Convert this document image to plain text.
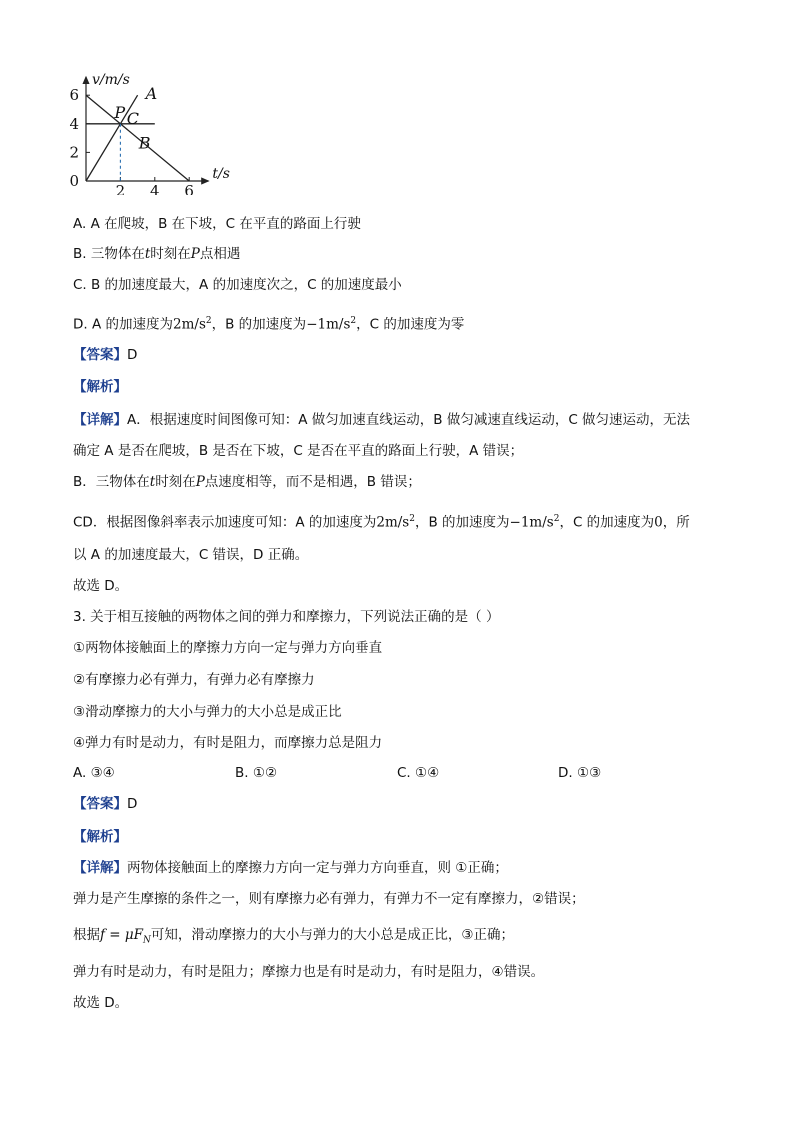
2 4 6
2
4
6
0
v/m/s
t/s
A
B
C
P
A. A 在爬坡，B 在下坡，C 在平直的路面上行驶
B. 三物体在t时刻在P点相遇
C. B 的加速度最大，A 的加速度次之，C 的加速度最小
D. A 的加速度为$2m/s^2$，B 的加速度为$-1m/s^2$，C 的加速度为零
【答案】D
【解析】
【详解】A．根据速度时间图像可知：A 做匀加速直线运动，B 做匀减速直线运动，C 做匀速运动，无法
确定 A 是否在爬坡，B 是否在下坡，C 是否在平直的路面上行驶，A 错误；
B．三物体在t时刻在P点速度相等，而不是相遇，B 错误；
CD．根据图像斜率表示加速度可知：A 的加速度为$2m/s^2$，B 的加速度为$-1m/s^2$，C 的加速度为0，所
以 A 的加速度最大，C 错误，D 正确。
故选 D。
3. 关于相互接触的两物体之间的弹力和摩擦力，下列说法正确的是（ ）
①两物体接触面上的摩擦力方向一定与弹力方向垂直
②有摩擦力必有弹力，有弹力必有摩擦力
③滑动摩擦力的大小与弹力的大小总是成正比
④弹力有时是动力，有时是阻力，而摩擦力总是阻力
A. ③④	B. ①②	C. ①④	D. ①③
【答案】D
【解析】
【详解】两物体接触面上的摩擦力方向一定与弹力方向垂直，则 ①正确；
弹力是产生摩擦的条件之一，则有摩擦力必有弹力，有弹力不一定有摩擦力，②错误；
根据$f = \mu F_N$可知，滑动摩擦力的大小与弹力的大小总是成正比，③正确；
弹力有时是动力，有时是阻力；摩擦力也是有时是动力，有时是阻力，④错误。
故选 D。
